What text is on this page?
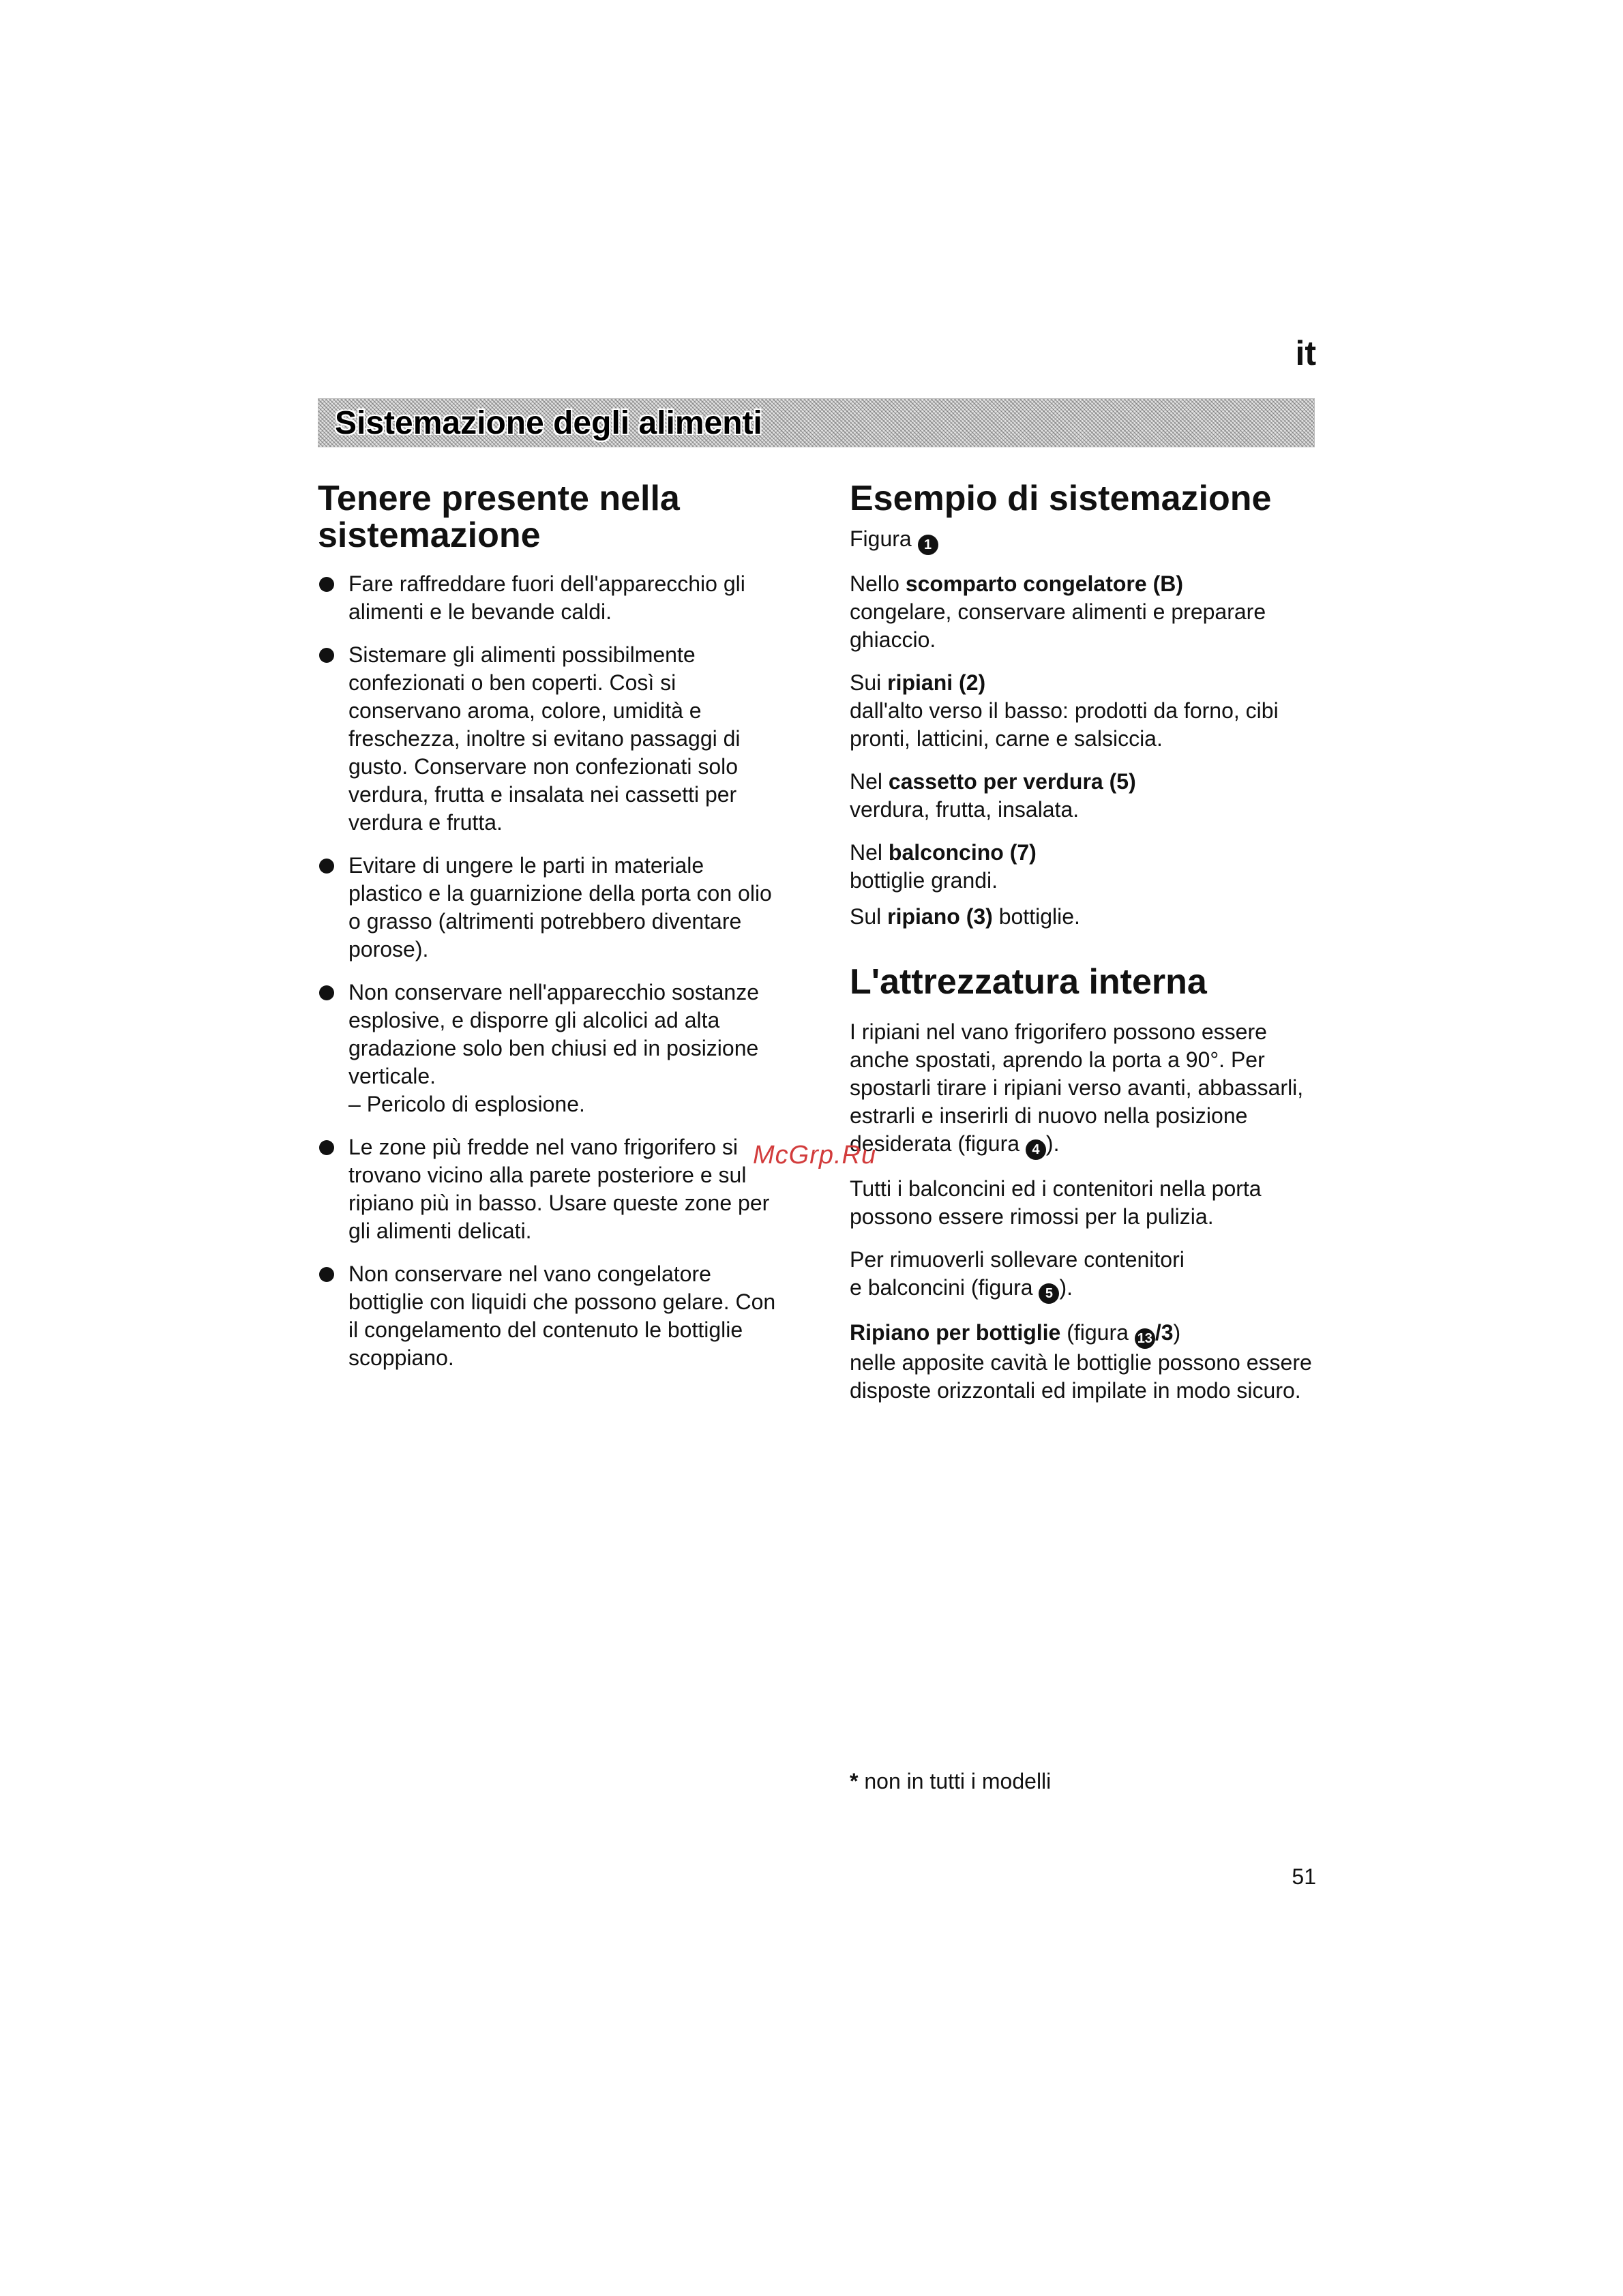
it
Sistemazione degli alimenti
Tenere presente nella sistemazione
Fare raffreddare fuori dell'apparecchio gli alimenti e le bevande caldi.
Sistemare gli alimenti possibilmente confezionati o ben coperti. Così si conservano aroma, colore, umidità e freschezza, inoltre si evitano passaggi di gusto. Conservare non confezionati solo verdura, frutta e insalata nei cassetti per verdura e frutta.
Evitare di ungere le parti in materiale plastico e la guarnizione della porta con olio o grasso (altrimenti potrebbero diventare porose).
Non conservare nell'apparecchio sostanze esplosive, e disporre gli alcolici ad alta gradazione solo ben chiusi ed in posizione verticale.
– Pericolo di esplosione.
Le zone più fredde nel vano frigorifero si trovano vicino alla parete posteriore e sul ripiano più in basso. Usare queste zone per gli alimenti delicati.
Non conservare nel vano congelatore bottiglie con liquidi che possono gelare. Con il congelamento del contenuto le bottiglie scoppiano.
Esempio di sistemazione

Figura 1

Nello scomparto congelatore (B)
congelare, conservare alimenti e preparare ghiaccio.

Sui ripiani (2)
dall'alto verso il basso: prodotti da forno, cibi pronti, latticini, carne e salsiccia.

Nel cassetto per verdura (5)
verdura, frutta, insalata.

Nel balconcino (7)
bottiglie grandi.

Sul ripiano (3) bottiglie.

L'attrezzatura interna

I ripiani nel vano frigorifero possono essere anche spostati, aprendo la porta a 90°. Per spostarli tirare i ripiani verso avanti, abbassarli, estrarli e inserirli di nuovo nella posizione desiderata (figura 4 ).

Tutti i balconcini ed i contenitori nella porta possono essere rimossi per la pulizia.

Per rimuoverli sollevare contenitori
e balconcini (figura 5 ).

Ripiano per bottiglie (figura 13 /3)
nelle apposite cavità le bottiglie possono essere disposte orizzontali ed impilate in modo sicuro.

* non in tutti i modelli
51
McGrp.Ru
